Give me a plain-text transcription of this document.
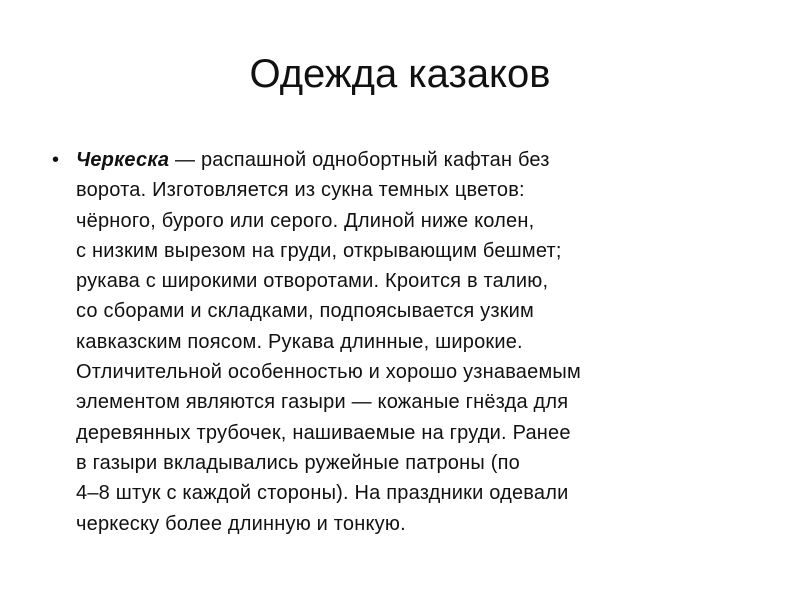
Одежда казаков
• Черкеска — распашной однобортный кафтан без
ворота. Изготовляется из сукна темных цветов:
чёрного, бурого или серого. Длиной ниже колен,
с низким вырезом на груди, открывающим бешмет;
рукава с широкими отворотами. Кроится в талию,
со сборами и складками, подпоясывается узким
кавказским поясом. Рукава длинные, широкие.
Отличительной особенностью и хорошо узнаваемым
элементом являются газыри — кожаные гнёзда для
деревянных трубочек, нашиваемые на груди. Ранее
в газыри вкладывались ружейные патроны (по
4–8 штук с каждой стороны). На праздники одевали
черкеску более длинную и тонкую.
